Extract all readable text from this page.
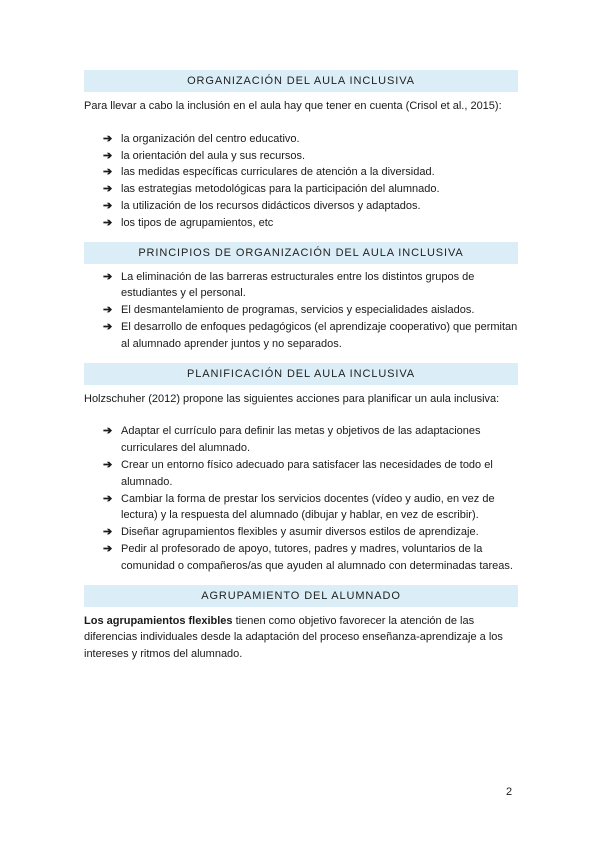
ORGANIZACIÓN DEL AULA INCLUSIVA

Para llevar a cabo la inclusión en el aula hay que tener en cuenta (Crisol et al., 2015):

➔ la organización del centro educativo.
➔ la orientación del aula y sus recursos.
➔ las medidas específicas curriculares de atención a la diversidad.
➔ las estrategias metodológicas para la participación del alumnado.
➔ la utilización de los recursos didácticos diversos y adaptados.
➔ los tipos de agrupamientos, etc
PRINCIPIOS DE ORGANIZACIÓN DEL AULA INCLUSIVA
➔ La eliminación de las barreras estructurales entre los distintos grupos de estudiantes y el personal.
➔ El desmantelamiento de programas, servicios y especialidades aislados.
➔ El desarrollo de enfoques pedagógicos (el aprendizaje cooperativo) que permitan al alumnado aprender juntos y no separados.
PLANIFICACIÓN DEL AULA INCLUSIVA

Holzschuher (2012) propone las siguientes acciones para planificar un aula inclusiva:

➔ Adaptar el currículo para definir las metas y objetivos de las adaptaciones curriculares del alumnado.
➔ Crear un entorno físico adecuado para satisfacer las necesidades de todo el alumnado.
➔ Cambiar la forma de prestar los servicios docentes (vídeo y audio, en vez de lectura) y la respuesta del alumnado (dibujar y hablar, en vez de escribir).
➔ Diseñar agrupamientos flexibles y asumir diversos estilos de aprendizaje.
➔ Pedir al profesorado de apoyo, tutores, padres y madres, voluntarios de la comunidad o compañeros/as que ayuden al alumnado con determinadas tareas.
AGRUPAMIENTO DEL ALUMNADO

Los agrupamientos flexibles tienen como objetivo favorecer la atención de las diferencias individuales desde la adaptación del proceso enseñanza-aprendizaje a los intereses y ritmos del alumnado.

2
